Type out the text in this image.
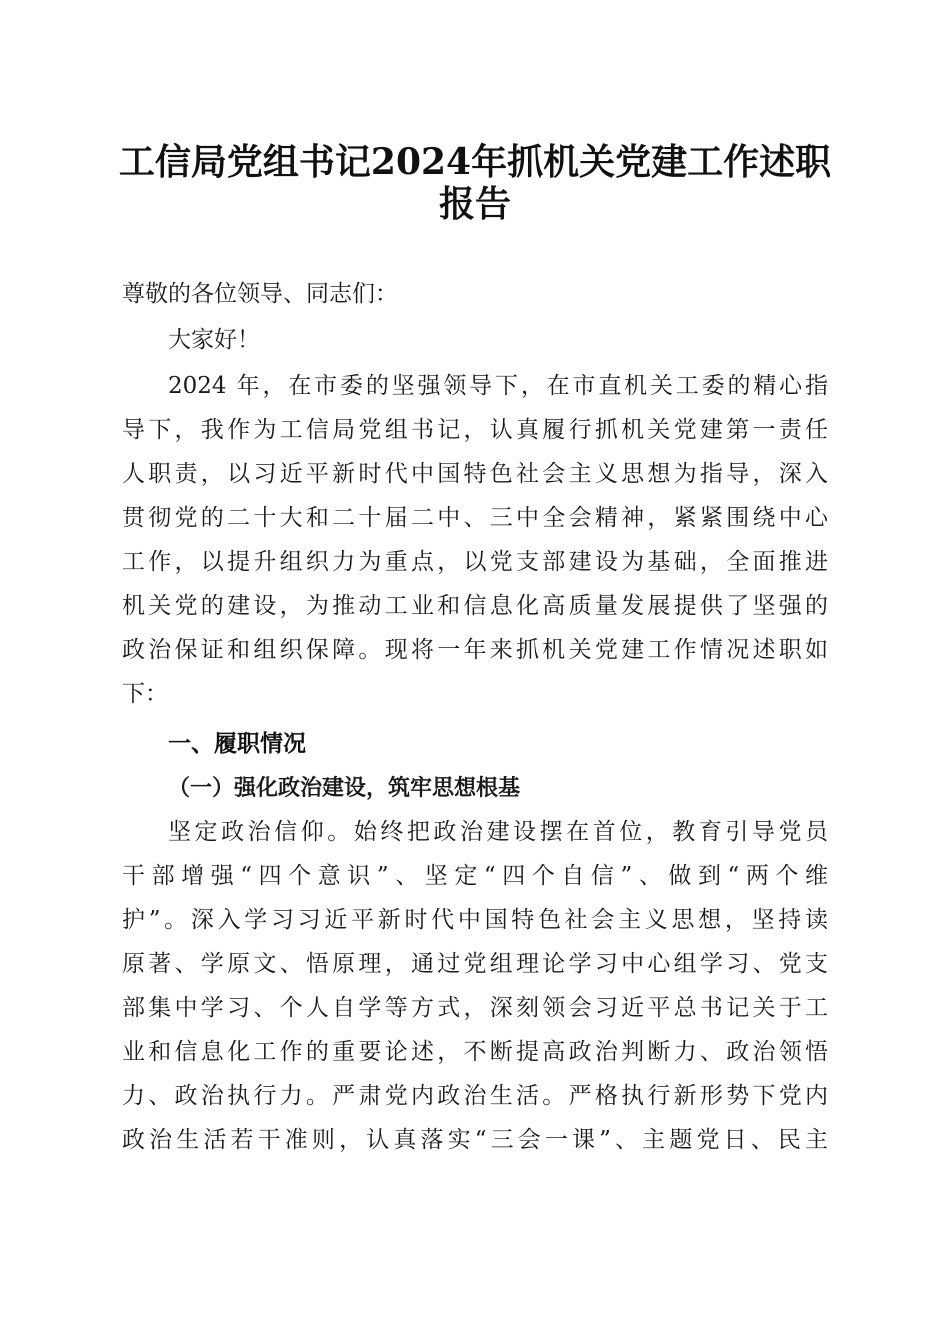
工信局党组书记2024年抓机关党建工作述职
报告
尊敬的各位领导、同志们：
大家好！
2024 年，在市委的坚强领导下，在市直机关工委的精心指
导下，我作为工信局党组书记，认真履行抓机关党建第一责任
人职责，以习近平新时代中国特色社会主义思想为指导，深入
贯彻党的二十大和二十届二中、三中全会精神，紧紧围绕中心
工作，以提升组织力为重点，以党支部建设为基础，全面推进
机关党的建设，为推动工业和信息化高质量发展提供了坚强的
政治保证和组织保障。现将一年来抓机关党建工作情况述职如
下：
一、履职情况
（一）强化政治建设，筑牢思想根基
坚定政治信仰。始终把政治建设摆在首位，教育引导党员
干部增强“四个意识”、坚定“四个自信”、做到“两个维
护”。深入学习习近平新时代中国特色社会主义思想，坚持读
原著、学原文、悟原理，通过党组理论学习中心组学习、党支
部集中学习、个人自学等方式，深刻领会习近平总书记关于工
业和信息化工作的重要论述，不断提高政治判断力、政治领悟
力、政治执行力。严肃党内政治生活。严格执行新形势下党内
政治生活若干准则，认真落实“三会一课”、主题党日、民主
